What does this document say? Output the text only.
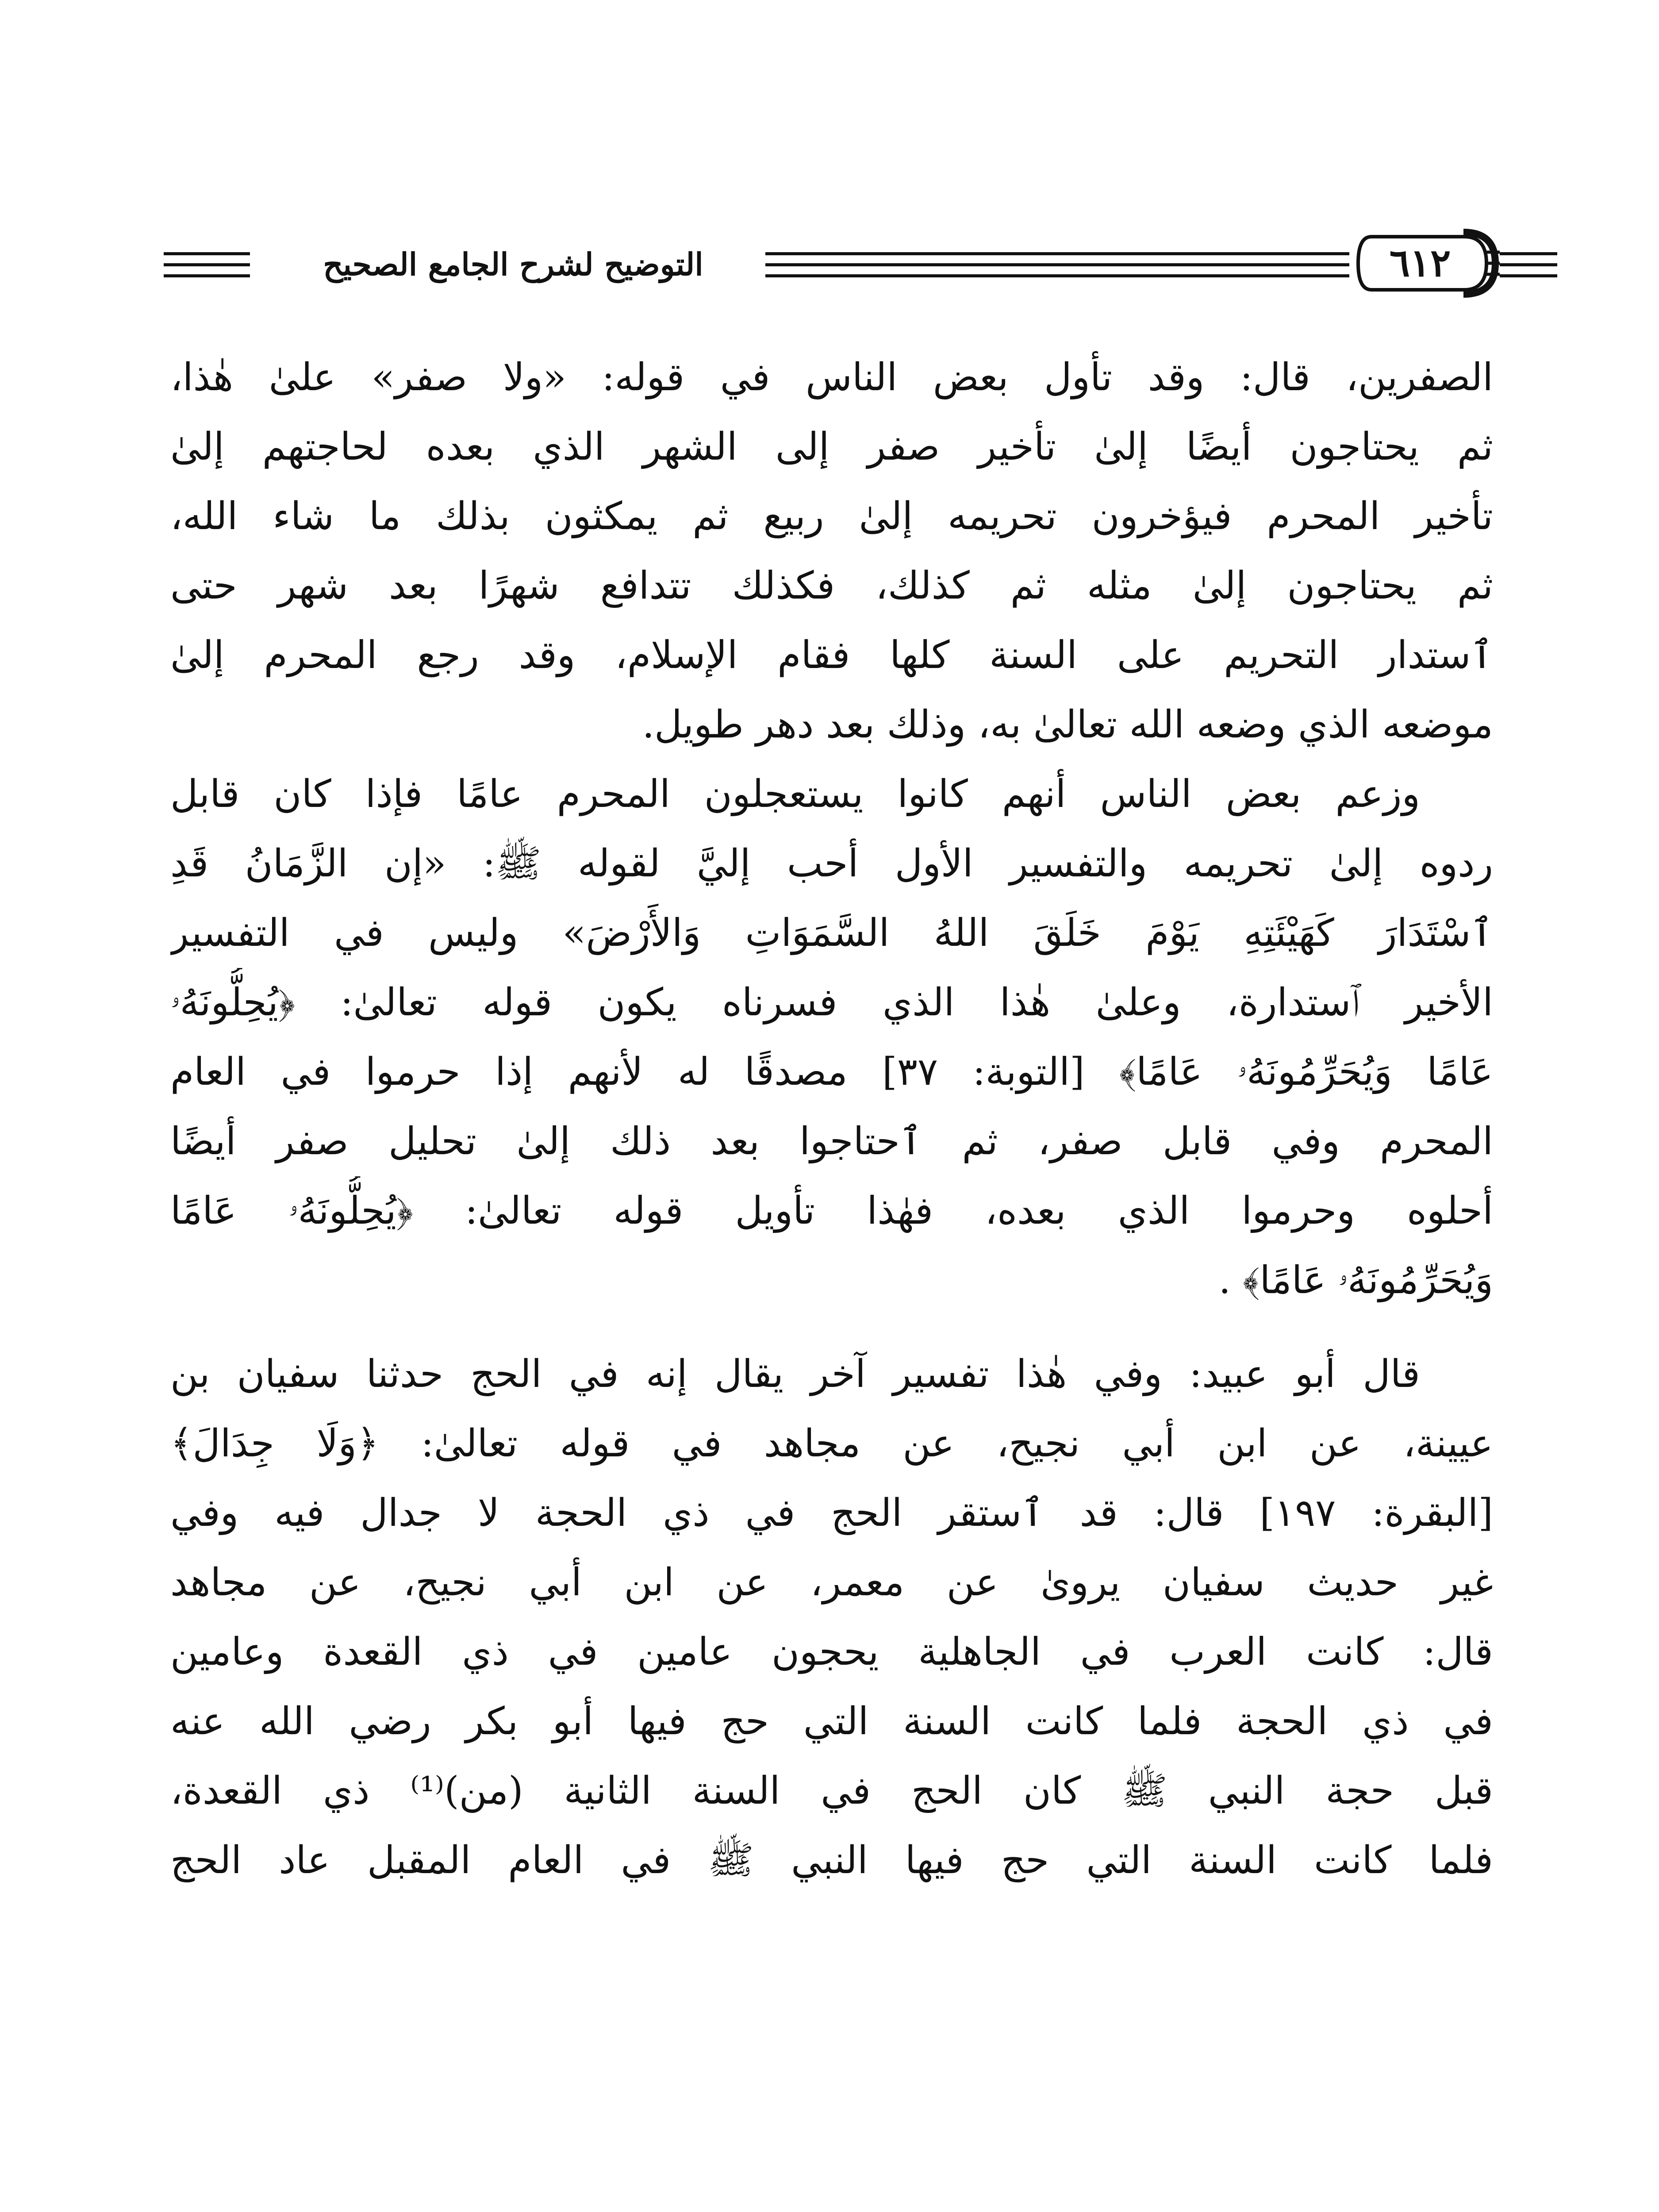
التوضيح لشرح الجامع الصحيح	٦١٢
الصفرين، قال: وقد تأول بعض الناس في قوله: «ولا صفر» علىٰ هٰذا،
ثم يحتاجون أيضًا إلىٰ تأخير صفر إلى الشهر الذي بعده لحاجتهم إلىٰ
تأخير المحرم فيؤخرون تحريمه إلىٰ ربيع ثم يمكثون بذلك ما شاء الله،
ثم يحتاجون إلىٰ مثله ثم كذلك، فكذلك تتدافع شهرًا بعد شهر حتى
ٱستدار التحريم على السنة كلها فقام الإسلام، وقد رجع المحرم إلىٰ
موضعه الذي وضعه الله تعالىٰ به، وذلك بعد دهر طويل.
وزعم بعض الناس أنهم كانوا يستعجلون المحرم عامًا فإذا كان قابل
ردوه إلىٰ تحريمه والتفسير الأول أحب إليَّ لقوله ﷺ: «إن الزَّمَانُ قَدِ
ٱسْتَدَارَ كَهَيْئَتِهِ يَوْمَ خَلَقَ اللهُ السَّمَوَاتِ وَالأَرْضَ» وليس في التفسير
الأخير ٱستدارة، وعلىٰ هٰذا الذي فسرناه يكون قوله تعالىٰ: ﴿يُحِلُّونَهُۥ
عَامًا وَيُحَرِّمُونَهُۥ عَامًا﴾ [التوبة: ٣٧] مصدقًا له لأنهم إذا حرموا في العام
المحرم وفي قابل صفر، ثم ٱحتاجوا بعد ذلك إلىٰ تحليل صفر أيضًا
أحلوه وحرموا الذي بعده، فهٰذا تأويل قوله تعالىٰ: ﴿يُحِلُّونَهُۥ عَامًا
وَيُحَرِّمُونَهُۥ عَامًا﴾ .
قال أبو عبيد: وفي هٰذا تفسير آخر يقال إنه في الحج حدثنا سفيان بن
عيينة، عن ابن أبي نجيح، عن مجاهد في قوله تعالىٰ: ﴿وَلَا جِدَالَ﴾
[البقرة: ١٩٧] قال: قد ٱستقر الحج في ذي الحجة لا جدال فيه وفي
غير حديث سفيان يرویٰ عن معمر، عن ابن أبي نجيح، عن مجاهد
قال: كانت العرب في الجاهلية يحجون عامين في ذي القعدة وعامين
في ذي الحجة فلما كانت السنة التي حج فيها أبو بكر رضي الله عنه
قبل حجة النبي ﷺ كان الحج في السنة الثانية (من)⁽¹⁾ ذي القعدة،
فلما كانت السنة التي حج فيها النبي ﷺ في العام المقبل عاد الحج
